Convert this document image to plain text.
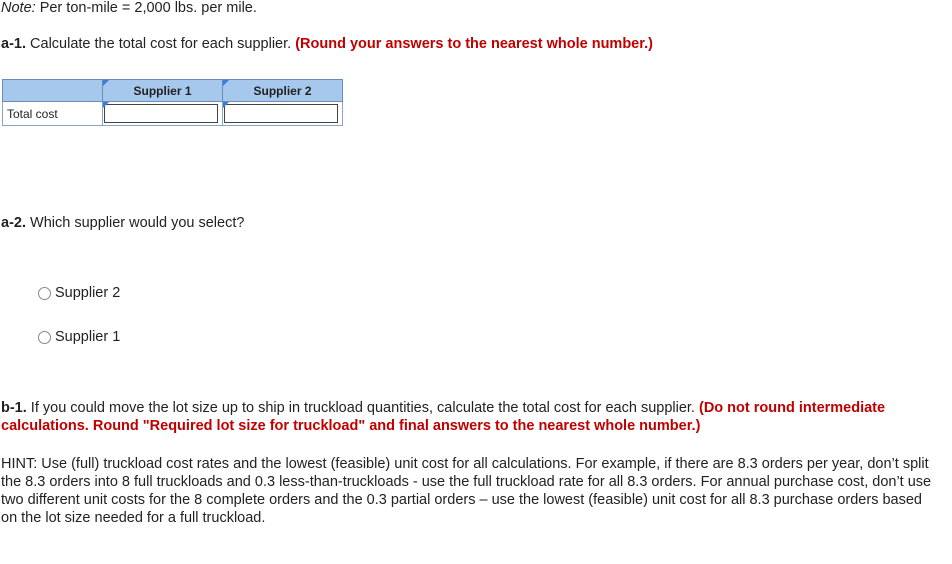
Note: Per ton-mile = 2,000 lbs. per mile.
a-1. Calculate the total cost for each supplier. (Round your answers to the nearest whole number.)
	Supplier 1	Supplier 2
Total cost	

a-2. Which supplier would you select?
Supplier 2
Supplier 1
b-1. If you could move the lot size up to ship in truckload quantities, calculate the total cost for each supplier. (Do not round intermediate calculations. Round "Required lot size for truckload" and final answers to the nearest whole number.)
HINT: Use (full) truckload cost rates and the lowest (feasible) unit cost for all calculations. For example, if there are 8.3 orders per year, don’t split the 8.3 orders into 8 full truckloads and 0.3 less-than-truckloads - use the full truckload rate for all 8.3 orders. For annual purchase cost, don’t use two different unit costs for the 8 complete orders and the 0.3 partial orders – use the lowest (feasible) unit cost for all 8.3 purchase orders based on the lot size needed for a full truckload.
